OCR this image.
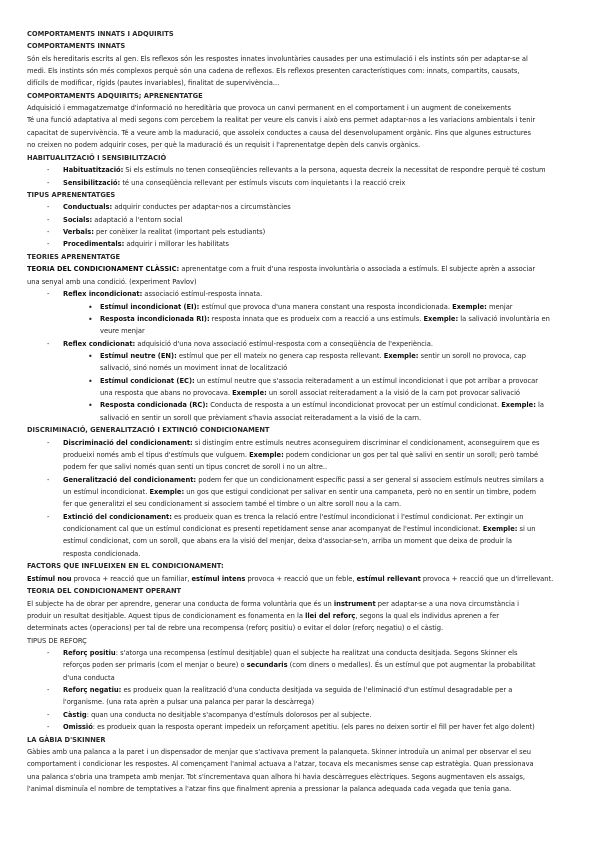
COMPORTAMENTS INNATS I ADQUIRITS
COMPORTAMENTS INNATS
Són els hereditaris escrits al gen. Els reflexos són les respostes innates involuntàries causades per una estimulació i els instints són per adaptar-se al
medi. Els instints són més complexos perquè són una cadena de reflexos. Els reflexos presenten característiques com: innats, compartits, causats,
difícils de modificar, rígids (pautes invariables), finalitat de supervivència...
COMPORTAMENTS ADQUIRITS; APRENENTATGE
Adquisició i emmagatzematge d'informació no hereditària que provoca un canvi permanent en el comportament i un augment de coneixements
Té una funció adaptativa al medi segons com percebem la realitat per veure els canvis i això ens permet adaptar-nos a les variacions ambientals i tenir
capacitat de supervivència. Té a veure amb la maduració, que assoleix conductes a causa del desenvolupament orgànic. Fins que algunes estructures
no creixen no podem adquirir coses, per què la maduració és un requisit i l'aprenentatge depèn dels canvis orgànics.
HABITUALITZACIÓ I SENSIBILITZACIÓ
- Habituatització: Si els estímuls no tenen conseqüències rellevants a la persona, aquesta decreix la necessitat de respondre perquè té costum
- Sensibilització: té una conseqüència rellevant per estímuls viscuts com inquietants i la reacció creix
TIPUS APRENENTATGES
- Conductuals: adquirir conductes per adaptar-nos a circumstàncies
- Socials: adaptació a l'entorn social
- Verbals: per conèixer la realitat (important pels estudiants)
- Procedimentals: adquirir i millorar les habilitats
TEORIES APRENENTATGE
TEORIA DEL CONDICIONAMENT CLÀSSIC: aprenentatge com a fruit d'una resposta involuntària o associada a estímuls. El subjecte aprèn a associar
una senyal amb una condició. (experiment Pavlov)
- Reflex incondicionat: associació estímul-resposta innata.
• Estímul incondicionat (EI): estímul que provoca d'una manera constant una resposta incondicionada. Exemple: menjar
• Resposta incondicionada RI): resposta innata que es produeix com a reacció a uns estímuls. Exemple: la salivació involuntària en
veure menjar
- Reflex condicionat: adquisició d'una nova associació estímul-resposta com a conseqüència de l'experiència.
• Estímul neutre (EN): estímul que per ell mateix no genera cap resposta rellevant. Exemple: sentir un soroll no provoca, cap
salivació, sinó només un moviment innat de localització
• Estímul condicionat (EC): un estímul neutre que s'associa reiteradament a un estímul incondicionat i que pot arribar a provocar
una resposta que abans no provocava. Exemple: un soroll associat reiteradament a la visió de la carn pot provocar salivació
• Resposta condicionada (RC): Conducta de resposta a un estímul incondicionat provocat per un estímul condicionat. Exemple: la
salivació en sentir un soroll que prèviament s'havia associat reiteradament a la visió de la carn.
DISCRIMINACIÓ, GENERALITZACIÓ I EXTINCIÓ CONDICIONAMENT
- Discriminació del condicionament: si distingim entre estímuls neutres aconseguirem discriminar el condicionament, aconseguirem que es
produeixi només amb el tipus d'estímuls que vulguem. Exemple: podem condicionar un gos per tal què salivi en sentir un soroll; però també
podem fer que salivi només quan senti un tipus concret de soroll i no un altre..
- Generalització del condicionament: podem fer que un condicionament específic passi a ser general si associem estímuls neutres similars a
un estímul incondicionat. Exemple: un gos que estigui condicionat per salivar en sentir una campaneta, però no en sentir un timbre, podem
fer que generalitzi el seu condicionament si associem també el timbre o un altre soroll nou a la carn.
- Extinció del condicionament: es produeix quan es trenca la relació entre l'estímul incondicionat i l'estímul condicionat. Per extingir un
condicionament cal que un estímul condicionat es presenti repetidament sense anar acompanyat de l'estímul incondicionat. Exemple: si un
estímul condicionat, com un soroll, que abans era la visió del menjar, deixa d'associar-se'n, arriba un moment que deixa de produir la
resposta condicionada.
FACTORS QUE INFLUEIXEN EN EL CONDICIONAMENT:
Estímul nou provoca + reacció que un familiar, estímul intens provoca + reacció que un feble, estímul rellevant provoca + reacció que un d'irrellevant.
TEORIA DEL CONDICIONAMENT OPERANT
El subjecte ha de obrar per aprendre, generar una conducta de forma voluntària que és un instrument per adaptar-se a una nova circumstància i
produir un resultat desitjable. Aquest tipus de condicionament es fonamenta en la llei del reforç, segons la qual els individus aprenen a fer
determinats actes (operacions) per tal de rebre una recompensa (reforç positiu) o evitar el dolor (reforç negatiu) o el càstig.
TIPUS DE REFORÇ
- Reforç positiu: s'atorga una recompensa (estímul desitjable) quan el subjecte ha realitzat una conducta desitjada. Segons Skinner els
reforços poden ser primaris (com el menjar o beure) o secundaris (com diners o medalles). És un estímul que pot augmentar la probabilitat
d'una conducta
- Reforç negatiu: es produeix quan la realització d'una conducta desitjada va seguida de l'eliminació d'un estímul desagradable per a
l'organisme. (una rata aprèn a pulsar una palanca per parar la descàrrega)
- Càstig: quan una conducta no desitjable s'acompanya d'estímuls dolorosos per al subjecte.
- Omissió: es produeix quan la resposta operant impedeix un reforçament apetitiu. (els pares no deixen sortir el fill per haver fet algo dolent)
LA GÀBIA D'SKINNER
Gàbies amb una palanca a la paret i un dispensador de menjar que s'activava prement la palanqueta. Skinner introduïa un animal per observar el seu
comportament i condicionar les respostes. Al començament l'animal actuava a l'atzar, tocava els mecanismes sense cap estratègia. Quan pressionava
una palanca s'obria una trampeta amb menjar. Tot s'incrementava quan alhora hi havia descàrregues elèctriques. Segons augmentaven els assaigs,
l'animal disminuïa el nombre de temptatives a l'atzar fins que finalment aprenia a pressionar la palanca adequada cada vegada que tenia gana.
